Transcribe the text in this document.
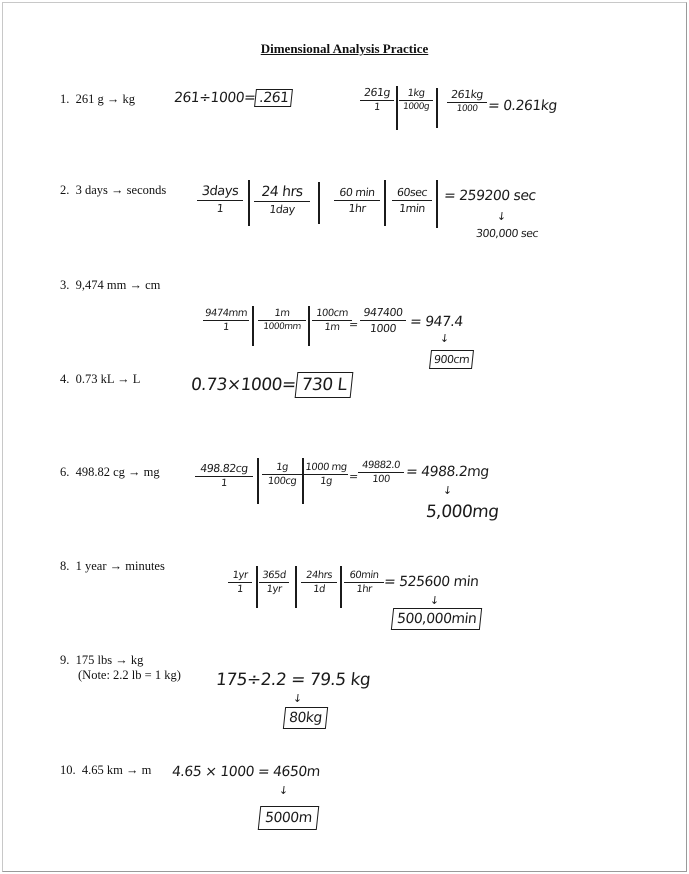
Dimensional Analysis Practice
1. 261 g → kg
2. 3 days → seconds
3. 9,474 mm → cm
4. 0.73 kL → L
6. 498.82 cg → mg
8. 1 year → minutes
9. 175 lbs → kg
(Note: 2.2 lb = 1 kg)
10. 4.65 km → m
261÷1000= .261	261g
1
1kg
1000g
261kg
1000 = 0.261kg
3days
1
24 hrs
1day
60 min
1hr
60sec
1min
= 259200 sec
↓
300,000 sec
9474mm
1
1m
1000mm
100cm
1m =
947400
1000 = 947.4
↓
900cm
0.73×1000= 730 L
498.82cg
1
1g
100cg
1000 mg
1g	=
49882.0
100	= 4988.2mg
↓
5,000mg
1yr
1
365d
1yr
24hrs
1d
60min
1hr = 525600 min
↓
500,000min
175÷2.2 = 79.5 kg
↓
80kg
4.65 × 1000 = 4650m
↓
5000m
